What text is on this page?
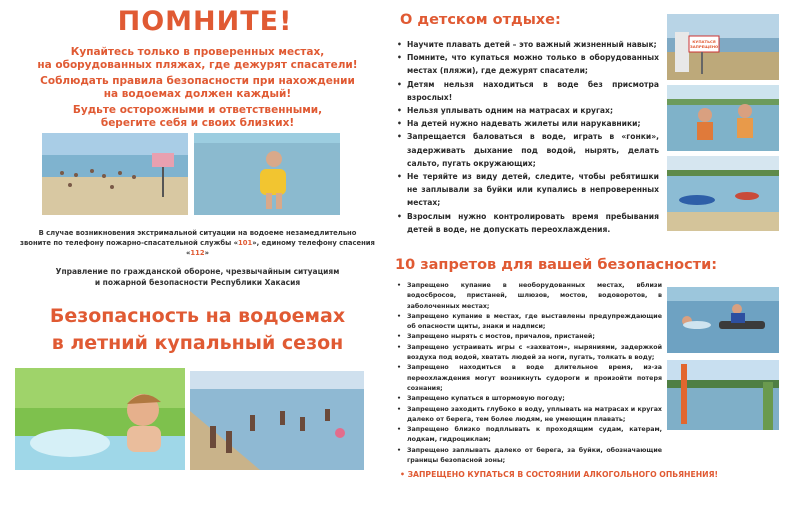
ПОМНИТЕ!
Купайтесь только в проверенных местах,
на оборудованных пляжах, где дежурят спасатели!
Соблюдать правила безопасности при нахождении
на водоемах должен каждый!
Будьте осторожными и ответственными,
берегите себя и своих близких!
В случае возникновения экстримальной ситуации на водоеме незамедлительно
звоните по телефону пожарно-спасательной службы «101», единому телефону спасения «112»
Управление по гражданской обороне, чрезвычайным ситуациям
и пожарной безопасности Республики Хакасия
Безопасность на водоемах
в летний купальный сезон
О детском отдыхе:
• Научите плавать детей – это важный жизненный навык;
• Помните, что купаться можно только в оборудованных местах (пляжи), где дежурят спасатели;
• Детям нельзя находиться в воде без присмотра взрослых!
• Нельзя уплывать одним на матрасах и кругах;
• На детей нужно надевать жилеты или нарукавники;
• Запрещается баловаться в воде, играть в «гонки», задерживать дыхание под водой, нырять, делать сальто, пугать окружающих;
• Не теряйте из виду детей, следите, чтобы ребятишки не заплывали за буйки или купались в непроверенных местах;
• Взрослым нужно контролировать время пребывания детей в воде, не допускать переохлаждения.
КУПАТЬСЯ ЗАПРЕЩЕНО
10 запретов для вашей безопасности:
• Запрещено купание в необорудованных местах, вблизи водосбросов, пристаней, шлюзов, мостов, водоворотов, в заболоченных местах;
• Запрещено купание в местах, где выставлены предупреждающие об опасности щиты, знаки и надписи;
• Запрещено нырять с мостов, причалов, пристаней;
• Запрещено устраивать игры с «захватом», ныряниями, задержкой воздуха под водой, хватать людей за ноги, пугать, толкать в воду;
• Запрещено находиться в воде длительное время, из-за переохлаждения могут возникнуть судороги и произойти потеря сознания;
• Запрещено купаться в штормовую погоду;
• Запрещено заходить глубоко в воду, уплывать на матрасах и кругах далеко от берега, тем более людям, не умеющим плавать;
• Запрещено близко подплывать к проходящим судам, катерам, лодкам, гидроциклам;
• Запрещено заплывать далеко от берега, за буйки, обозначающие границы безопасной зоны;
• ЗАПРЕЩЕНО КУПАТЬСЯ В СОСТОЯНИИ АЛКОГОЛЬНОГО ОПЬЯНЕНИЯ!
